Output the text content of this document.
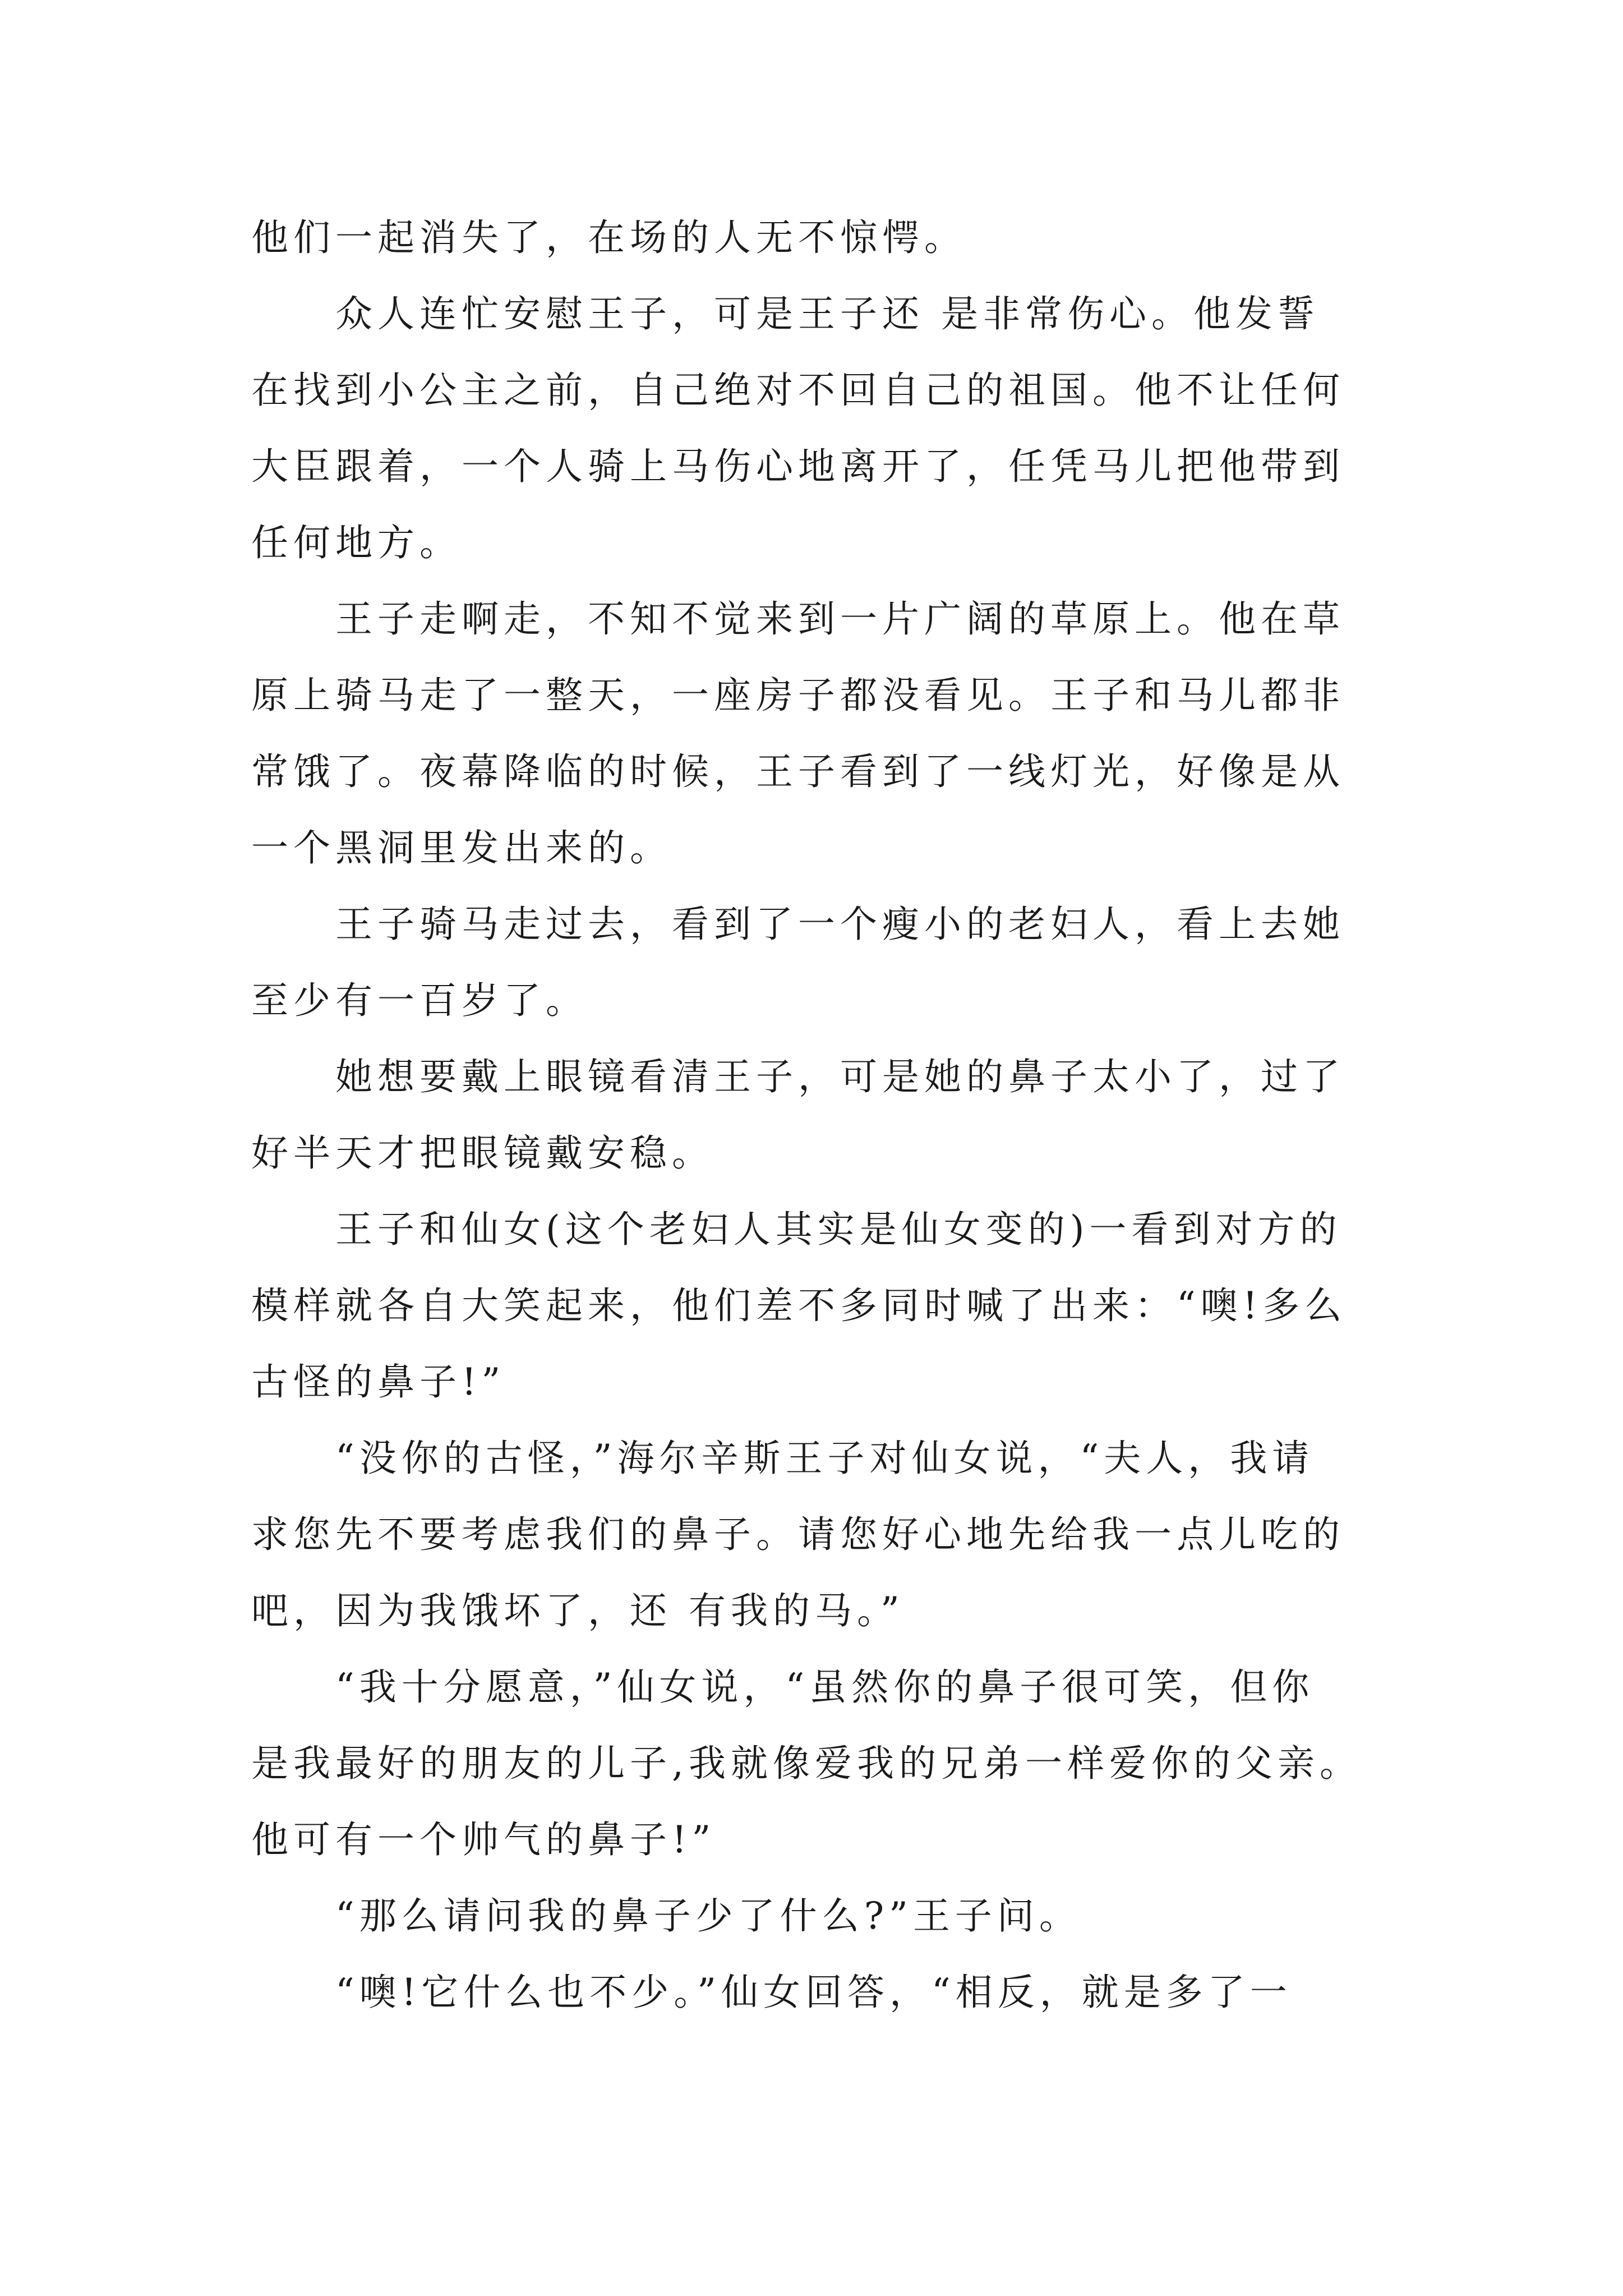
他们一起消失了，在场的人无不惊愕。
众人连忙安慰王子，可是王子还 是非常伤心。他发誓
在找到小公主之前，自己绝对不回自己的祖国。他不让任何
大臣跟着，一个人骑上马伤心地离开了，任凭马儿把他带到
任何地方。
王子走啊走，不知不觉来到一片广阔的草原上。他在草
原上骑马走了一整天，一座房子都没看见。王子和马儿都非
常饿了。夜幕降临的时候，王子看到了一线灯光，好像是从
一个黑洞里发出来的。
王子骑马走过去，看到了一个瘦小的老妇人，看上去她
至少有一百岁了。
她想要戴上眼镜看清王子，可是她的鼻子太小了，过了
好半天才把眼镜戴安稳。
王子和仙女(这个老妇人其实是仙女变的)一看到对方的
模样就各自大笑起来，他们差不多同时喊了出来：“噢!多么
古怪的鼻子!”
“没你的古怪，”海尔辛斯王子对仙女说，“夫人，我请
求您先不要考虑我们的鼻子。请您好心地先给我一点儿吃的
吧，因为我饿坏了，还 有我的马。”
“我十分愿意，”仙女说，“虽然你的鼻子很可笑，但你
是我最好的朋友的儿子,我就像爱我的兄弟一样爱你的父亲。
他可有一个帅气的鼻子!”
“那么请问我的鼻子少了什么?”王子问。
“噢!它什么也不少。”仙女回答，“相反，就是多了一
